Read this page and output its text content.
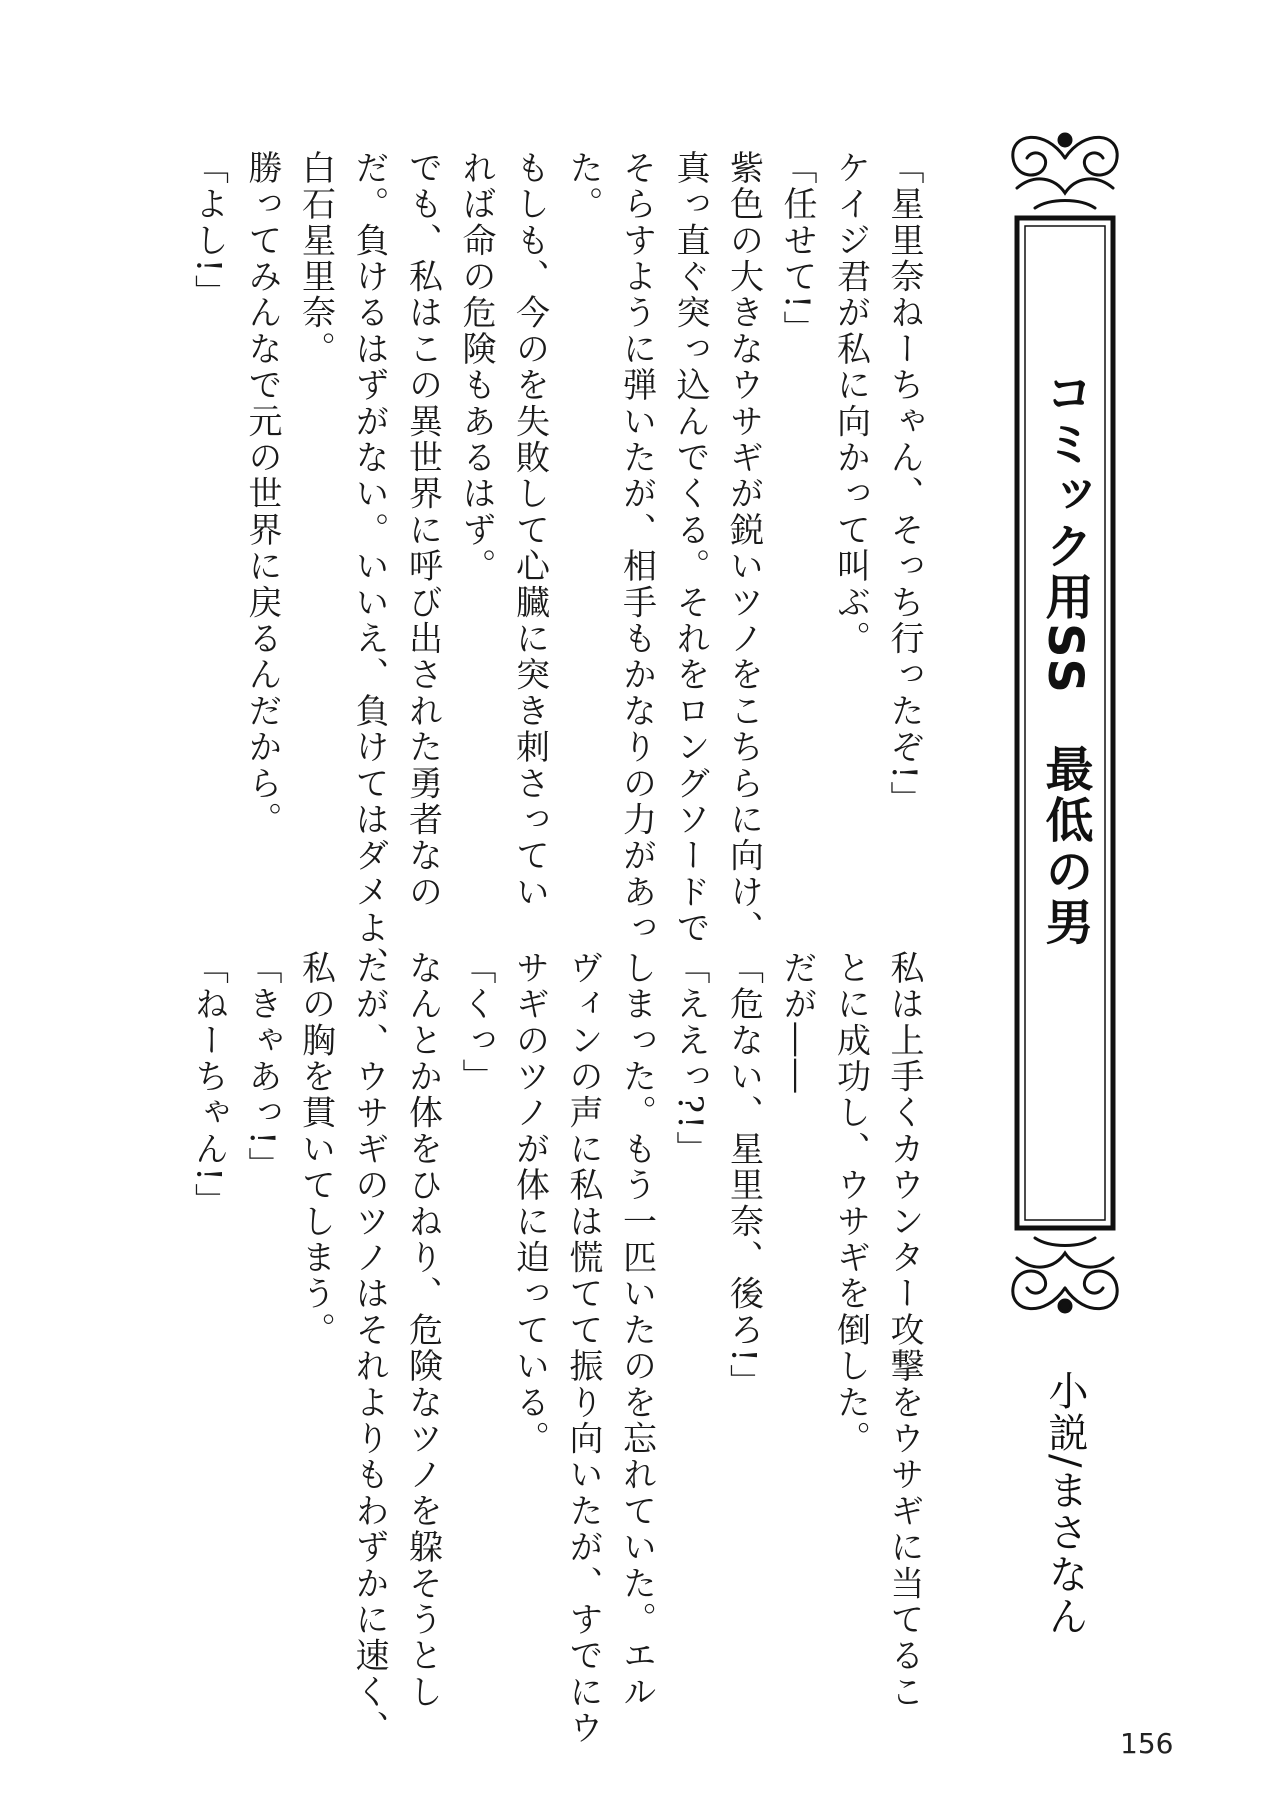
コミック用SS最低の男
小説/まさなん

「星里奈ねーちゃん、そっち行ったぞ!」

ケイジ君が私に向かって叫ぶ。

「任せて!」

紫色の大きなウサギが鋭いツノをこちらに向け、

真っ直ぐ突っ込んでくる。それをロングソードで

そらすように弾いたが、相手もかなりの力があっ

た。

もしも、今のを失敗して心臓に突き刺さってい

れば命の危険もあるはず。

でも、私はこの異世界に呼び出された勇者なの

だ。負けるはずがない。いいえ、負けてはダメよ、

白石星里奈。

勝ってみんなで元の世界に戻るんだから。

「よし!」

私は上手くカウンター攻撃をウサギに当てるこ

とに成功し、ウサギを倒した。

だが――

「危ない、星里奈、後ろ!」

「ええっ?!」

しまった。もう一匹いたのを忘れていた。エル

ヴィンの声に私は慌てて振り向いたが、すでにウ

サギのツノが体に迫っている。

「くっ」

なんとか体をひねり、危険なツノを躱そうとし

たが、ウサギのツノはそれよりもわずかに速く、

私の胸を貫いてしまう。

「きゃあっ!」

「ねーちゃん!」

156
